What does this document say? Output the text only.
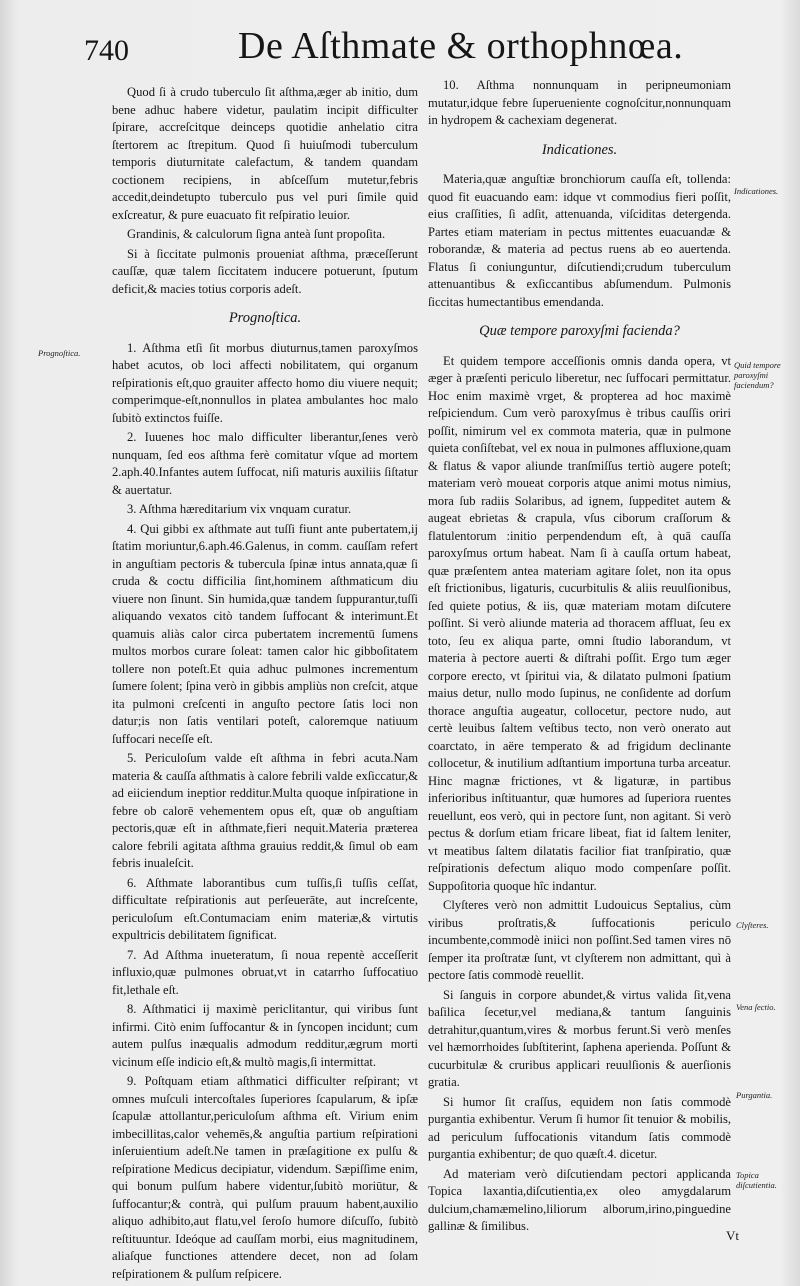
740	De Aſthmate & orthophnœa.

Quod ſi à crudo tuberculo ſit aſthma,æger ab initio, dum bene adhuc habere videtur, paulatim incipit difficulter ſpirare, accreſcitque deinceps quotidie anhelatio citra ſtertorem ac ſtrepitum. Quod ſi huiuſmodi tuberculum temporis diuturnitate calefactum, & tandem quandam coctionem recipiens, in abſceſſum mutetur,febris accedit,deindetupto tuberculo pus vel puri ſimile quid exſcreatur, & pure euacuato fit reſpiratio leuior.

Grandinis, & calculorum ſigna anteà ſunt propoſita.

Si à ſiccitate pulmonis proueniat aſthma, præceſſerunt cauſſæ, quæ talem ſiccitatem inducere potuerunt, ſputum deficit,& macies totius corporis adeſt.

Prognoſtica.

1. Aſthma etſi ſit morbus diuturnus,tamen paroxyſmos habet acutos, ob loci affecti nobilitatem, qui organum reſpirationis eſt,quo grauiter affecto homo diu viuere nequit; comperimque-eſt,nonnullos in platea ambulantes hoc malo ſubitò extinctos fuiſſe.

2. Iuuenes hoc malo difficulter liberantur,ſenes verò nunquam, ſed eos aſthma ferè comitatur vſque ad mortem 2.aph.40.Infantes autem ſuffocat, niſi maturis auxiliis ſiſtatur & auertatur.

3. Aſthma hæreditarium vix vnquam curatur.

4. Qui gibbi ex aſthmate aut tuſſi fiunt ante pubertatem,ij ſtatim moriuntur,6.aph.46.Galenus, in comm. cauſſam refert in anguſtiam pectoris & tubercula ſpinæ intus annata,quæ ſi cruda & coctu difficilia ſint,hominem aſthmaticum diu viuere non ſinunt. Sin humida,quæ tandem ſuppurantur,tuſſi aliquando vexatos citò tandem ſuffocant & interimunt.Et quamuis aliàs calor circa pubertatem incrementū ſumens multos morbos curare ſoleat: tamen calor hic gibboſitatem tollere non poteſt.Et quia adhuc pulmones incrementum ſumere ſolent; ſpina verò in gibbis ampliùs non creſcit, atque ita pulmoni creſcenti in anguſto pectore ſatis loci non datur;is non ſatis ventilari poteſt, caloremque natiuum ſuffocari neceſſe eſt.

5. Periculoſum valde eſt aſthma in febri acuta.Nam materia & cauſſa aſthmatis à calore febrili valde exſiccatur,& ad eiiciendum ineptior redditur.Multa quoque inſpiratione in febre ob calorē vehementem opus eſt, quæ ob anguſtiam pectoris,quæ eſt in aſthmate,fieri nequit.Materia præterea calore febrili agitata aſthma grauius reddit,& ſimul ob eam febris inualeſcit.

6. Aſthmate laborantibus cum tuſſis,ſi tuſſis ceſſat, difficultate reſpirationis aut perſeuerāte, aut increſcente, periculoſum eſt.Contumaciam enim materiæ,& virtutis expultricis debilitatem ſignificat.

7. Ad Aſthma inueteratum, ſi noua repentè acceſſerit influxio,quæ pulmones obruat,vt in catarrho ſuffocatiuo fit,lethale eſt.

8. Aſthmatici ij maximè periclitantur, qui viribus ſunt infirmi. Citò enim ſuffocantur & in ſyncopen incidunt; cum autem pulſus inæqualis admodum redditur,ægrum morti vicinum eſſe indicio eſt,& multò magis,ſi intermittat.

9. Poſtquam etiam aſthmatici difficulter reſpirant; vt omnes muſculi intercoſtales ſuperiores ſcapularum, & ipſæ ſcapulæ attollantur,periculoſum aſthma eſt. Virium enim imbecillitas,calor vehemēs,& anguſtia partium reſpirationi inſeruientium adeſt.Ne tamen in præſagitione ex pulſu & reſpiratione Medicus decipiatur, videndum. Sæpiſſime enim, qui bonum pulſum habere videntur,ſubitò moriūtur, & ſuffocantur;& contrà, qui pulſum prauum habent,auxilio aliquo adhibito,aut flatu,vel ſeroſo humore diſcuſſo, ſubitò reſtituuntur. Ideóque ad cauſſam morbi, eius magnitudinem, aliaſque functiones attendere decet, non ad ſolam reſpirationem & pulſum reſpicere.

10. Aſthma nonnunquam in peripneumoniam mutatur,idque febre ſuperueniente cognoſcitur,nonnunquam in hydropem & cachexiam degenerat.

Indicationes.

Materia,quæ anguſtiæ bronchiorum cauſſa eſt, tollenda: quod fit euacuando eam: idque vt commodius fieri poſſit, eius craſſities, ſi adſit, attenuanda, viſciditas detergenda. Partes etiam materiam in pectus mittentes euacuandæ & roborandæ, & materia ad pectus ruens ab eo auertenda. Flatus ſi coniunguntur, diſcutiendi;crudum tuberculum attenuantibus & exſiccantibus abſumendum. Pulmonis ſiccitas humectantibus emendanda.

Quæ tempore paroxyſmi facienda?

Et quidem tempore acceſſionis omnis danda opera, vt æger à præſenti periculo liberetur, nec ſuffocari permittatur. Hoc enim maximè vrget, & propterea ad hoc maximè reſpiciendum. Cum verò paroxyſmus è tribus cauſſis oriri poſſit, nimirum vel ex commota materia, quæ in pulmone quieta conſiſtebat, vel ex noua in pulmones affluxione,quam & flatus & vapor aliunde tranſmiſſus tertiò augere poteſt; materiam verò moueat corporis atque animi motus nimius, mora ſub radiis Solaribus, ad ignem, ſuppeditet autem & augeat ebrietas & crapula, vſus ciborum craſſorum & flatulentorum :initio perpendendum eſt, à quā cauſſa paroxyſmus ortum habeat. Nam ſi à cauſſa ortum habeat, quæ præſentem antea materiam agitare ſolet, non ita opus eſt frictionibus, ligaturis, cucurbitulis & aliis reuulſionibus, ſed quiete potius, & iis, quæ materiam motam diſcutere poſſint. Si verò aliunde materia ad thoracem affluat, ſeu ex toto, ſeu ex aliqua parte, omni ſtudio laborandum, vt materia à pectore auerti & diſtrahi poſſit. Ergo tum æger corpore erecto, vt ſpiritui via, & dilatato pulmoni ſpatium maius detur, nullo modo ſupinus, ne conſidente ad dorſum thorace anguſtia augeatur, collocetur, pectore nudo, aut certè leuibus ſaltem veſtibus tecto, non verò onerato aut coarctato, in aëre temperato & ad frigidum declinante collocetur, & inutilium adſtantium importuna turba arceatur. Hinc magnæ frictiones, vt & ligaturæ, in partibus inferioribus inſtituantur, quæ humores ad ſuperiora ruentes reuellunt, eos verò, qui in pectore ſunt, non agitant. Si verò pectus & dorſum etiam fricare libeat, fiat id ſaltem leniter, vt meatibus ſaltem dilatatis facilior fiat tranſpiratio, quæ reſpirationis defectum aliquo modo compenſare poſſit. Suppoſitoria quoque hîc indantur.

Clyſteres verò non admittit Ludouicus Septalius, cùm viribus proſtratis,& ſuffocationis periculo incumbente,commodè iniici non poſſint.Sed tamen vires nō ſemper ita proſtratæ ſunt, vt clyſterem non admittant, quì à pectore ſatis commodè reuellit.

Si ſanguis in corpore abundet,& virtus valida ſit,vena baſilica ſecetur,vel mediana,& tantum ſanguinis detrahitur,quantum,vires & morbus ferunt.Si verò menſes vel hæmorrhoides ſubſtiterint, ſaphena aperienda. Poſſunt & cucurbitulæ & cruribus applicari reuulſionis & auerſionis gratia.

Si humor ſit craſſus, equidem non ſatis commodè purgantia exhibentur. Verum ſi humor ſit tenuior & mobilis, ad periculum ſuffocationis vitandum ſatis commodè purgantia exhibentur; de quo quæſt.4. dicetur.

Ad materiam verò diſcutiendam pectori applicanda Topica laxantia,diſcutientia,ex oleo amygdalarum dulcium,chamæmelino,liliorum alborum,irino,pinguedine gallinæ & ſimilibus.

Prognoſtica.
Indicationes.
Quid tempore paroxyſmi faciendum?
Clyſteres.
Vena ſectio.
Purgantia.
Topica diſcutientia.
Vt
